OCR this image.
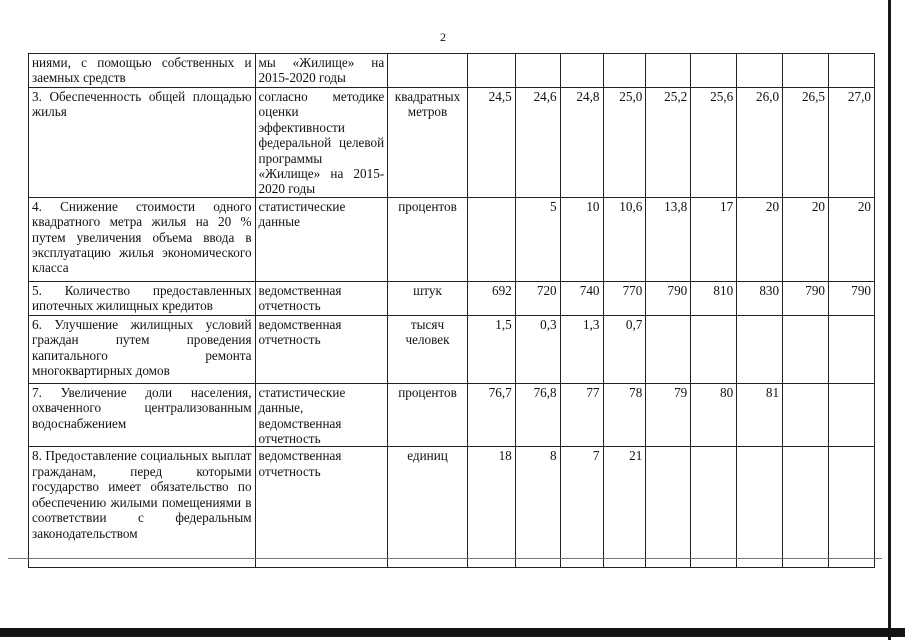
2
ниями, с помощью собственных и заемных средств	мы «Жилище» на 2015-2020 годы										
3. Обеспеченность общей площадью жилья	согласно методике оценки эффективности федеральной целевой программы «Жилище» на 2015-2020 годы	квадратных метров	24,5	24,6	24,8	25,0	25,2	25,6	26,0	26,5	27,0
4. Снижение стоимости одного квадратного метра жилья на 20 % путем увеличения объема ввода в эксплуатацию жилья экономического класса	статистические данные	процентов		5	10	10,6	13,8	17	20	20	20
5. Количество предоставленных ипотечных жилищных кредитов	ведомственная отчетность	штук	692	720	740	770	790	810	830	790	790
6. Улучшение жилищных условий граждан путем проведения капитального ремонта многоквартирных домов	ведомственная отчетность	тысяч человек	1,5	0,3	1,3	0,7					
7. Увеличение доли населения, охваченного централизованным водоснабжением	статистические данные, ведомственная отчетность	процентов	76,7	76,8	77	78	79	80	81		
8. Предоставление социальных выплат гражданам, перед которыми государство имеет обязательство по обеспечению жилыми помещениями в соответствии с федеральным законодательством	ведомственная отчетность	единиц	18	8	7	21					
